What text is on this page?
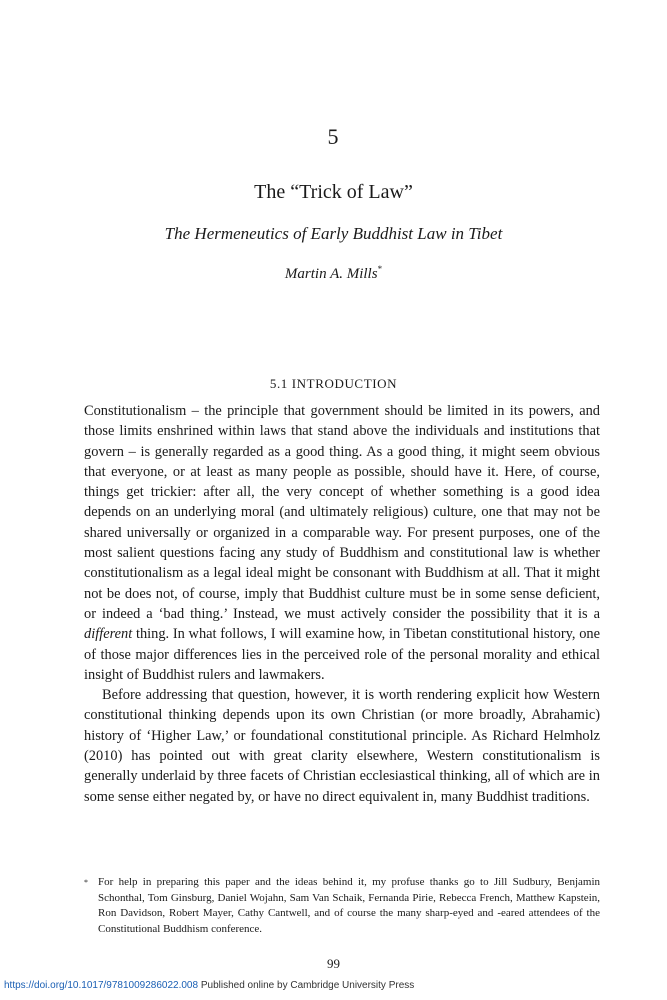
5
The “Trick of Law”
The Hermeneutics of Early Buddhist Law in Tibet
Martin A. Mills*
5.1 INTRODUCTION

Constitutionalism – the principle that government should be limited in its powers, and those limits enshrined within laws that stand above the individuals and institutions that govern – is generally regarded as a good thing. As a good thing, it might seem obvious that everyone, or at least as many people as possible, should have it. Here, of course, things get trickier: after all, the very concept of whether something is a good idea depends on an underlying moral (and ultimately religious) culture, one that may not be shared universally or organized in a comparable way. For present purposes, one of the most salient questions facing any study of Buddhism and constitutional law is whether constitutionalism as a legal ideal might be consonant with Buddhism at all. That it might not be does not, of course, imply that Buddhist culture must be in some sense deficient, or indeed a ‘bad thing.’ Instead, we must actively consider the possibility that it is a different thing. In what follows, I will examine how, in Tibetan constitutional history, one of those major differences lies in the perceived role of the personal morality and ethical insight of Buddhist rulers and lawmakers.

Before addressing that question, however, it is worth rendering explicit how Western constitutional thinking depends upon its own Christian (or more broadly, Abrahamic) history of ‘Higher Law,’ or foundational constitutional principle. As Richard Helmholz (2010) has pointed out with great clarity elsewhere, Western constitutionalism is generally underlaid by three facets of Christian ecclesiastical thinking, all of which are in some sense either negated by, or have no direct equivalent in, many Buddhist traditions.

* For help in preparing this paper and the ideas behind it, my profuse thanks go to Jill Sudbury, Benjamin Schonthal, Tom Ginsburg, Daniel Wojahn, Sam Van Schaik, Fernanda Pirie, Rebecca French, Matthew Kapstein, Ron Davidson, Robert Mayer, Cathy Cantwell, and of course the many sharp-eyed and -eared attendees of the Constitutional Buddhism conference.

99
https://doi.org/10.1017/9781009286022.008 Published online by Cambridge University Press
